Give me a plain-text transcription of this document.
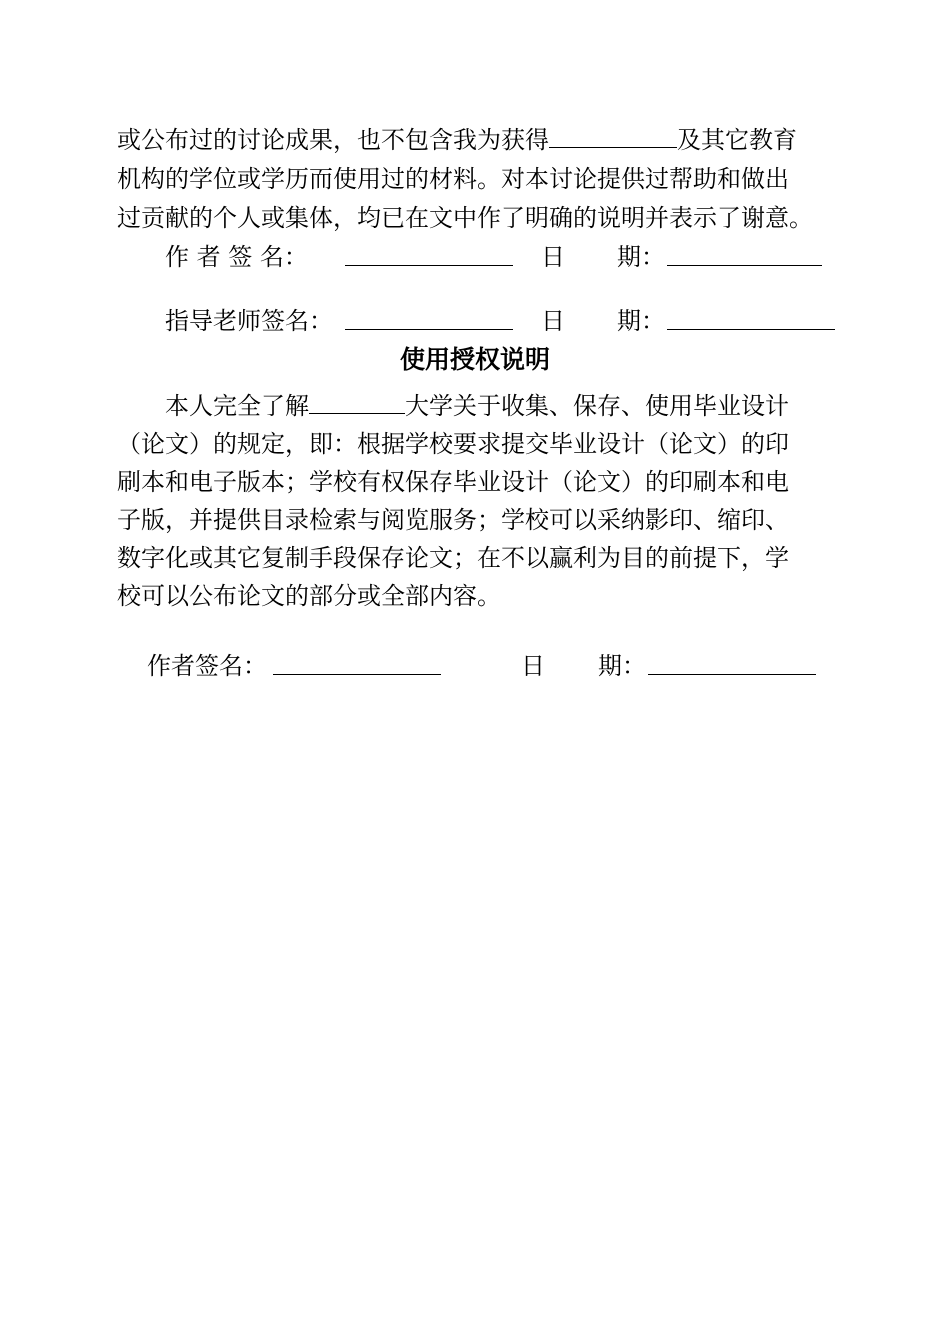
或公布过的讨论成果，也不包含我为获得	及其它教育
机构的学位或学历而使用过的材料。对本讨论提供过帮助和做出
过贡献的个人或集体，均已在文中作了明确的说明并表示了谢意。
作 者 签 名：	日 期：
指导老师签名：	日 期：
使用授权说明
本人完全了解	大学关于收集、保存、使用毕业设计
（论文）的规定，即：根据学校要求提交毕业设计（论文）的印
刷本和电子版本；学校有权保存毕业设计（论文）的印刷本和电
子版，并提供目录检索与阅览服务；学校可以采纳影印、缩印、
数字化或其它复制手段保存论文；在不以赢利为目的前提下，学
校可以公布论文的部分或全部内容。
作者签名：	日 期：
